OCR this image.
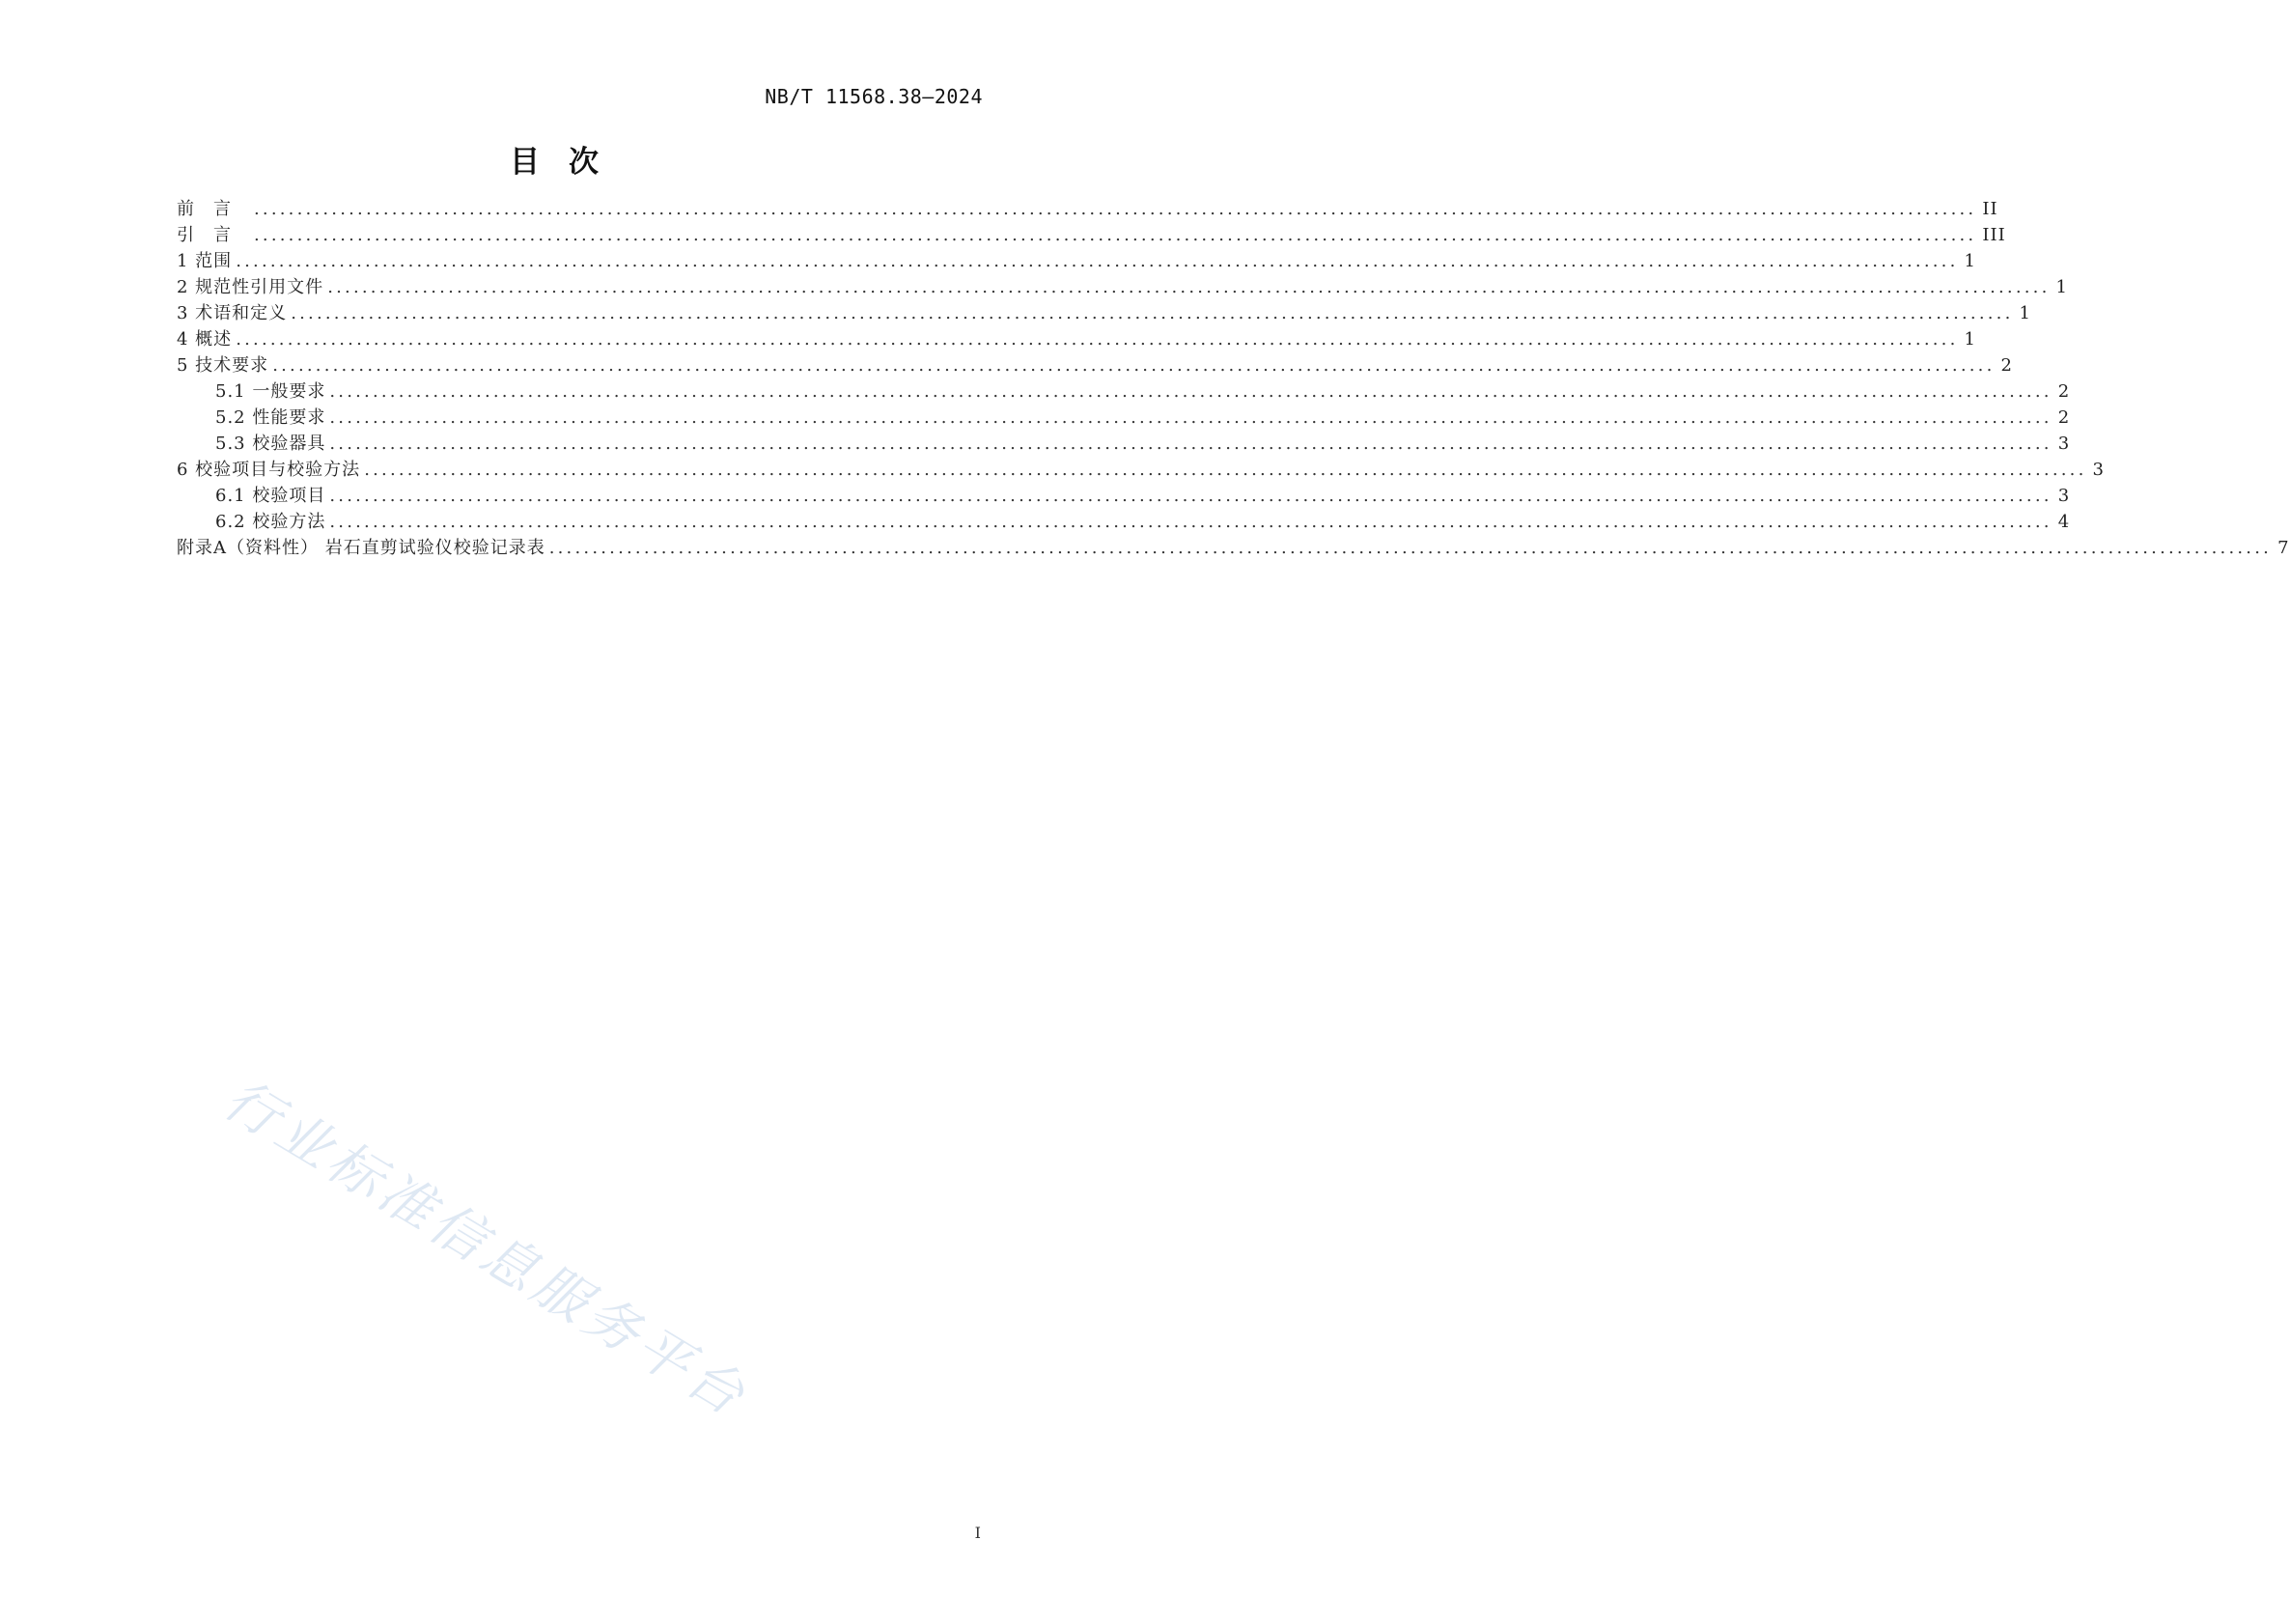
NB/T 11568.38—2024
目次
前言 ........................................................................................................................................................................................................ II
引言 ........................................................................................................................................................................................................ III
1 范围 ........................................................................................................................................................................................................ 1
2 规范性引用文件 ........................................................................................................................................................................................................ 1
3 术语和定义 ........................................................................................................................................................................................................ 1
4 概述 ........................................................................................................................................................................................................ 1
5 技术要求 ........................................................................................................................................................................................................ 2
5.1 一般要求 ........................................................................................................................................................................................................ 2
5.2 性能要求 ........................................................................................................................................................................................................ 2
5.3 校验器具 ........................................................................................................................................................................................................ 3
6 校验项目与校验方法 ........................................................................................................................................................................................................ 3
6.1 校验项目 ........................................................................................................................................................................................................ 3
6.2 校验方法 ........................................................................................................................................................................................................ 4
附录A（资料性） 岩石直剪试验仪校验记录表 ........................................................................................................................................................................................................ 7
行业标准信息服务平台
I
